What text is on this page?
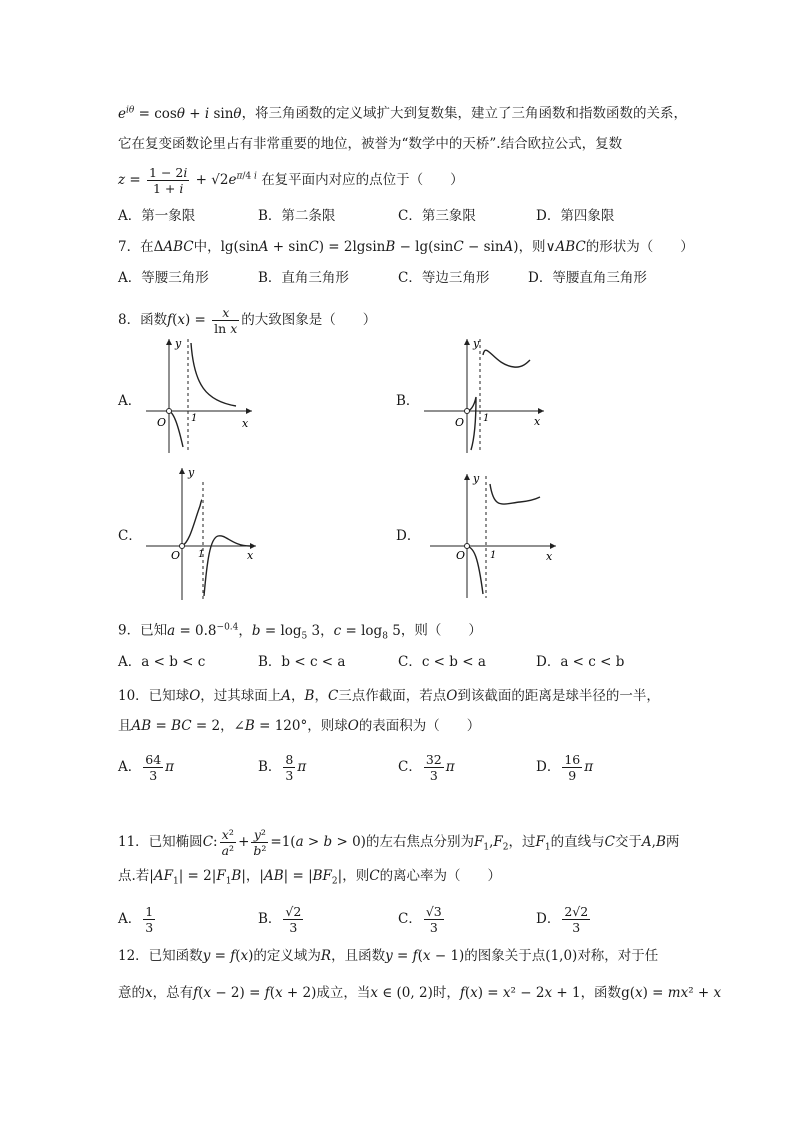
$e^{i\theta} = \cos\theta + i$ sinθ，将三角函数的定义域扩大到复数集，建立了三角函数和指数函数的关系，
它在复变函数论里占有非常重要的地位，被誉为“数学中的天桥”.结合欧拉公式，复数
$z = \frac{1 - 2i}{1 + i} + √2e^{\pi/4 i}$ 在复平面内对应的点位于（　　）
A．第一象限	B．第二条限	C．第三象限	D．第四象限
7．在ΔABC中，lg(sinA + sinC) = 2lgsinB − lg(sinC − sinA)，则∨ABC的形状为（　　）
A．等腰三角形	B．直角三角形	C．等边三角形	D．等腰直角三角形
8．函数$f(x) = \frac{x}{\text{ln x}}$ 的大致图象是（　　）
A．	B．
C．	D．
y
x
O 1
y
x
O 1
y
x
O 1
y
x
O 1
9．已知$a = 0.8^{-0.4}$，$b = \log_5 3$，$c = \log_8 5$，则（　　）
A．a < b < c	B．b < c < a	C．c < b < a	D．a < c < b
10．已知球O，过其球面上A，B，C三点作截面，若点O到该截面的距离是球半径的一半，
且AB = BC = 2，∠B = 120°，则球O的表面积为（　　）
A． $\frac{64}{3}$ π	B． $\frac{8}{3}$ π	C． $\frac{32}{3}$ π	D． $\frac{16}{9}$ π
11．已知椭圆C: $\frac{\text{x²}}{\text{a²}} + \frac{\text{y²}}{\text{b²}} =1(a > b > 0)$的左右焦点分别为$F_1,F_2$，过$F_1$的直线与C交于A,B两
点.若$|AF_1| = 2|F_1B|$，$|AB| = |BF_2|$，则C的离心率为（　　）
A． $\frac{1}{3}$	B． $\frac{√2}{3}$	C． $\frac{√3}{3}$	D． $\frac{2√2}{3}$
12．已知函数y = f(x)的定义域为R，且函数y = f(x − 1)的图象关于点(1,0)对称，对于任
意的x，总有f(x − 2) = f(x + 2)成立，当x ∈ (0, 2)时，f(x) = x² − 2x + 1，函数g(x) = mx² + x
